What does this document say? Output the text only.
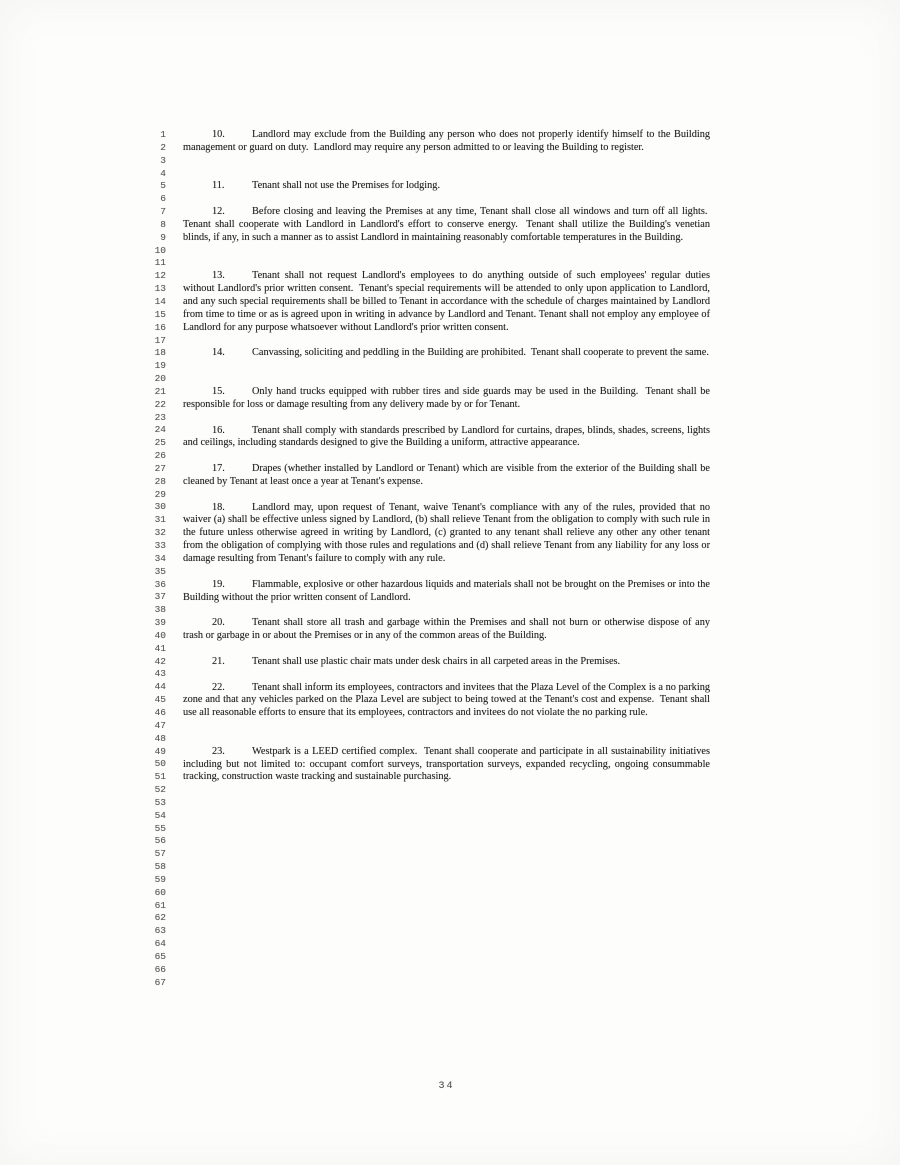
1
2
3
4
5
6
7
8
9
10
11
12
13
14
15
16
17
18
19
20
21
22
23
24
25
26
27
28
29
30
31
32
33
34
35
36
37
38
39
40
41
42
43
44
45
46
47
48
49
50
51
52
53
54
55
56
57
58
59
60
61
62
63
64
65
66
67
10.	Landlord may exclude from the Building any person who does not properly identify himself to the Building management or guard on duty.  Landlord may require any person admitted to or leaving the Building to register.
11.	Tenant shall not use the Premises for lodging.
12.	Before closing and leaving the Premises at any time, Tenant shall close all windows and turn off all lights.  Tenant shall cooperate with Landlord in Landlord's effort to conserve energy.  Tenant shall utilize the Building's venetian blinds, if any, in such a manner as to assist Landlord in maintaining reasonably comfortable temperatures in the Building.
13.	Tenant shall not request Landlord's employees to do anything outside of such employees' regular duties without Landlord's prior written consent.  Tenant's special requirements will be attended to only upon application to Landlord, and any such special requirements shall be billed to Tenant in accordance with the schedule of charges maintained by Landlord from time to time or as is agreed upon in writing in advance by Landlord and Tenant. Tenant shall not employ any employee of Landlord for any purpose whatsoever without Landlord's prior written consent.
14.	Canvassing, soliciting and peddling in the Building are prohibited.  Tenant shall cooperate to prevent the same.
15.	Only hand trucks equipped with rubber tires and side guards may be used in the Building.  Tenant shall be responsible for loss or damage resulting from any delivery made by or for Tenant.
16.	Tenant shall comply with standards prescribed by Landlord for curtains, drapes, blinds, shades, screens, lights and ceilings, including standards designed to give the Building a uniform, attractive appearance.
17.	Drapes (whether installed by Landlord or Tenant) which are visible from the exterior of the Building shall be cleaned by Tenant at least once a year at Tenant's expense.
18.	Landlord may, upon request of Tenant, waive Tenant's compliance with any of the rules, provided that no waiver (a) shall be effective unless signed by Landlord, (b) shall relieve Tenant from the obligation to comply with such rule in the future unless otherwise agreed in writing by Landlord, (c) granted to any tenant shall relieve any other any other tenant from the obligation of complying with those rules and regulations and (d) shall relieve Tenant from any liability for any loss or damage resulting from Tenant's failure to comply with any rule.
19.	Flammable, explosive or other hazardous liquids and materials shall not be brought on the Premises or into the Building without the prior written consent of Landlord.
20.	Tenant shall store all trash and garbage within the Premises and shall not burn or otherwise dispose of any trash or garbage in or about the Premises or in any of the common areas of the Building.
21.	Tenant shall use plastic chair mats under desk chairs in all carpeted areas in the Premises.
22.	Tenant shall inform its employees, contractors and invitees that the Plaza Level of the Complex is a no parking zone and that any vehicles parked on the Plaza Level are subject to being towed at the Tenant's cost and expense.  Tenant shall use all reasonable efforts to ensure that its employees, contractors and invitees do not violate the no parking rule.
23.	Westpark is a LEED certified complex.  Tenant shall cooperate and participate in all sustainability initiatives including but not limited to: occupant comfort surveys, transportation surveys, expanded recycling, ongoing consummable tracking, construction waste tracking and sustainable purchasing.
34
